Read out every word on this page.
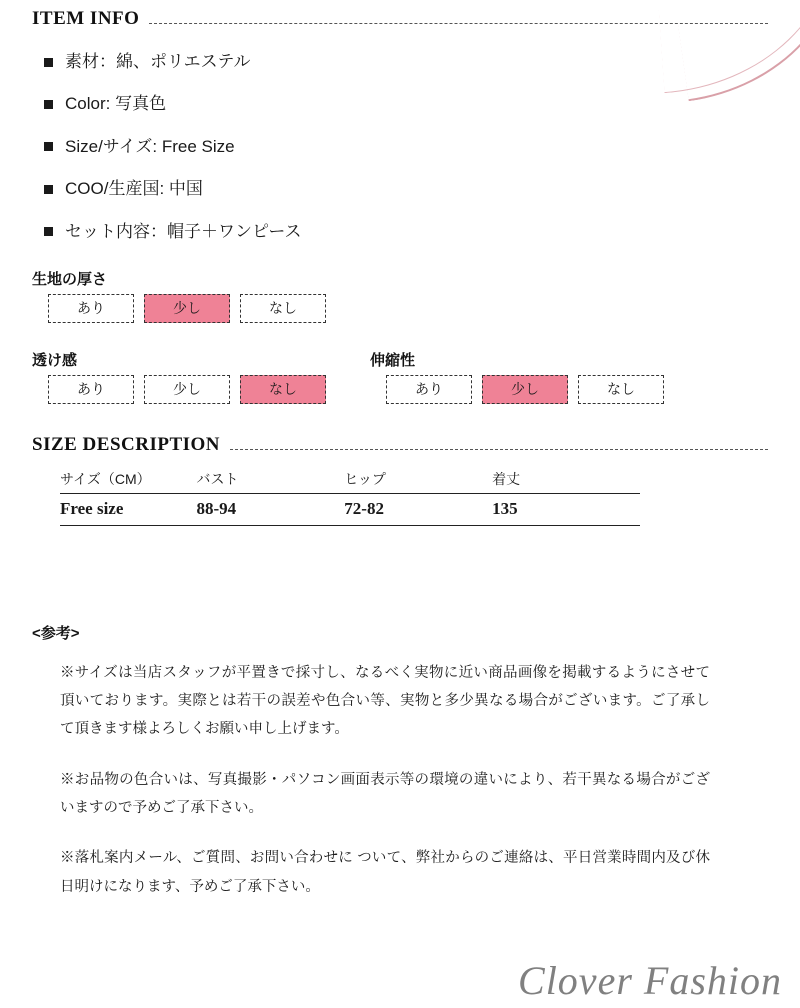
ITEM INFO
素材：綿、ポリエステル
Color: 写真色
Size/サイズ: Free Size
COO/生産国: 中国
セット内容：帽子＋ワンピース
生地の厚さ
あり	少し	なし
透け感
あり	少し	なし
伸縮性
あり	少し	なし
SIZE DESCRIPTION
サイズ（CM）	バスト	ヒップ	着丈
Free size	88-94	72-82	135
<参考>

※サイズは当店スタッフが平置きで採寸し、なるべく実物に近い商品画像を掲載するようにさせて頂いております。実際とは若干の誤差や色合い等、実物と多少異なる場合がございます。ご了承して頂きます様よろしくお願い申し上げます。

※お品物の色合いは、写真撮影・パソコン画面表示等の環境の違いにより、若干異なる場合がございますので予めご了承下さい。

※落札案内メール、ご質問、お問い合わせに ついて、弊社からのご連絡は、平日営業時間内及び休日明けになります、予めご了承下さい。

Clover Fashion
